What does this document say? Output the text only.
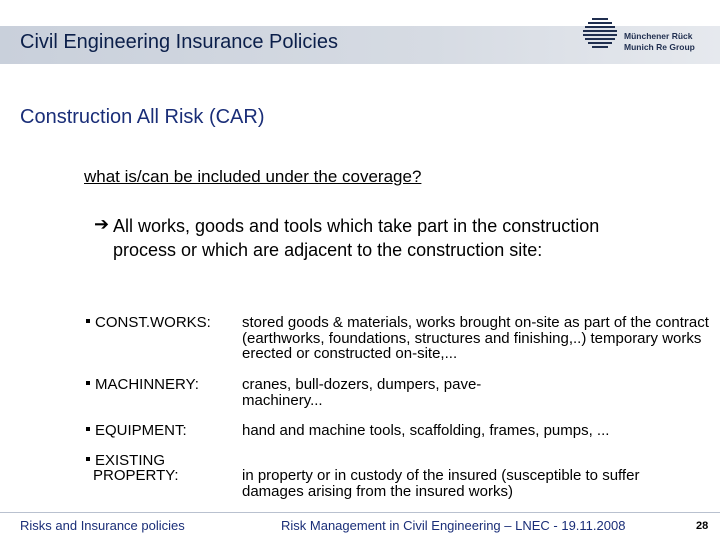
Civil Engineering Insurance Policies	Münchener Rück
Munich Re Group
Construction All Risk (CAR)
what is/can be included under the coverage?
➔ All works, goods and tools which take part in the construction process or which are adjacent to the construction site:
CONST.WORKS: stored goods & materials, works brought on-site as part of the contract (earthworks, foundations, structures and finishing,..) temporary works erected or constructed on-site,...
MACHINNERY:	cranes, bull-dozers, dumpers, pave-machinery...
EQUIPMENT:	hand and machine tools, scaffolding, frames, pumps, ...
EXISTING
PROPERTY:	in property or in custody of the insured (susceptible to suffer damages arising from the insured works)
Risks and Insurance policies	Risk Management in Civil Engineering – LNEC - 19.11.2008	28
